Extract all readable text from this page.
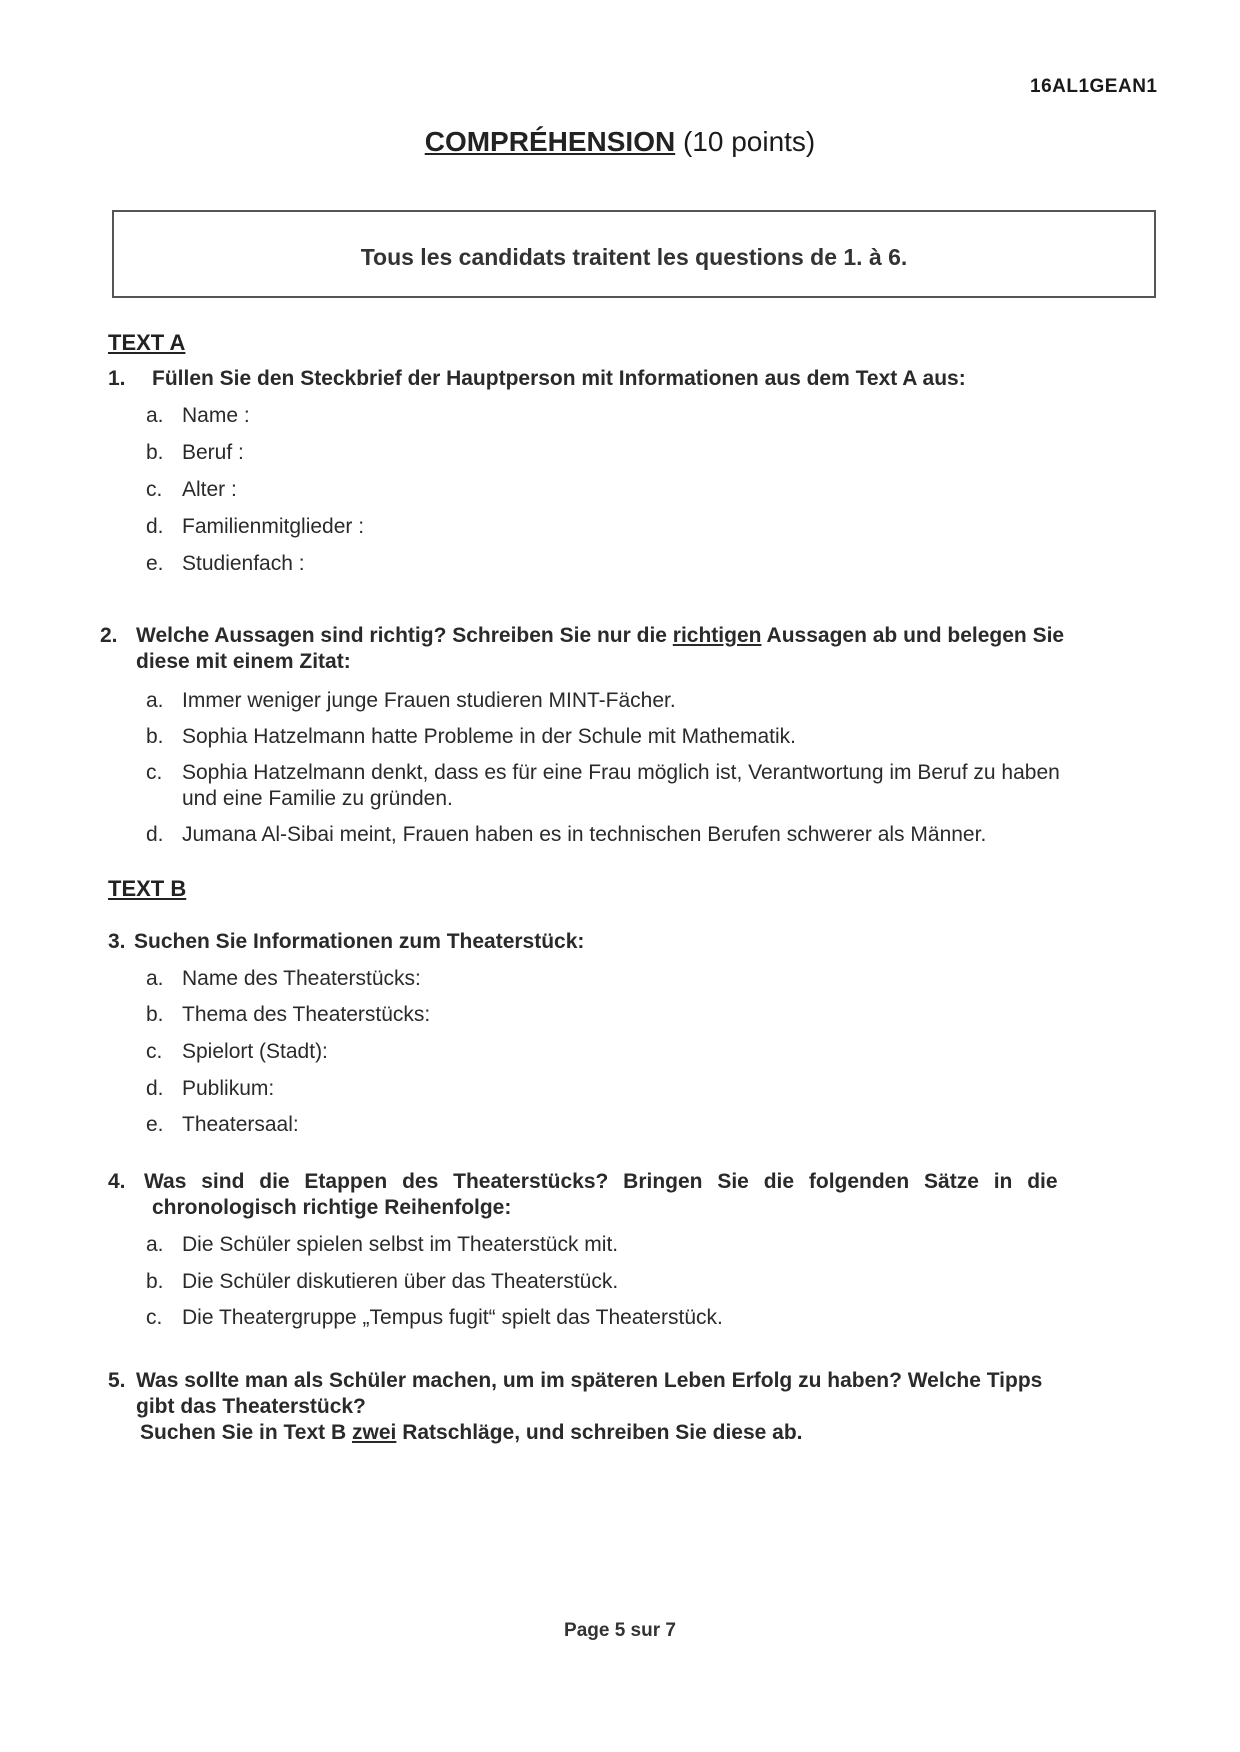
16AL1GEAN1
COMPRÉHENSION (10 points)
Tous les candidats traitent les questions de 1. à 6.
TEXT A
1. Füllen Sie den Steckbrief der Hauptperson mit Informationen aus dem Text A aus:
a. Name :
b. Beruf :
c. Alter :
d. Familienmitglieder :
e. Studienfach :
2. Welche Aussagen sind richtig? Schreiben Sie nur die richtigen Aussagen ab und belegen Sie
diese mit einem Zitat:
a. Immer weniger junge Frauen studieren MINT-Fächer.
b. Sophia Hatzelmann hatte Probleme in der Schule mit Mathematik.
c. Sophia Hatzelmann denkt, dass es für eine Frau möglich ist, Verantwortung im Beruf zu haben
und eine Familie zu gründen.
d. Jumana Al-Sibai meint, Frauen haben es in technischen Berufen schwerer als Männer.
TEXT B
3. Suchen Sie Informationen zum Theaterstück:
a. Name des Theaterstücks:
b. Thema des Theaterstücks:
c. Spielort (Stadt):
d. Publikum:
e. Theatersaal:
4. Was sind die Etappen des Theaterstücks? Bringen Sie die folgenden Sätze in die
chronologisch richtige Reihenfolge:
a. Die Schüler spielen selbst im Theaterstück mit.
b. Die Schüler diskutieren über das Theaterstück.
c. Die Theatergruppe „Tempus fugit“ spielt das Theaterstück.
5. Was sollte man als Schüler machen, um im späteren Leben Erfolg zu haben? Welche Tipps
gibt das Theaterstück?
Suchen Sie in Text B zwei Ratschläge, und schreiben Sie diese ab.
Page 5 sur 7
